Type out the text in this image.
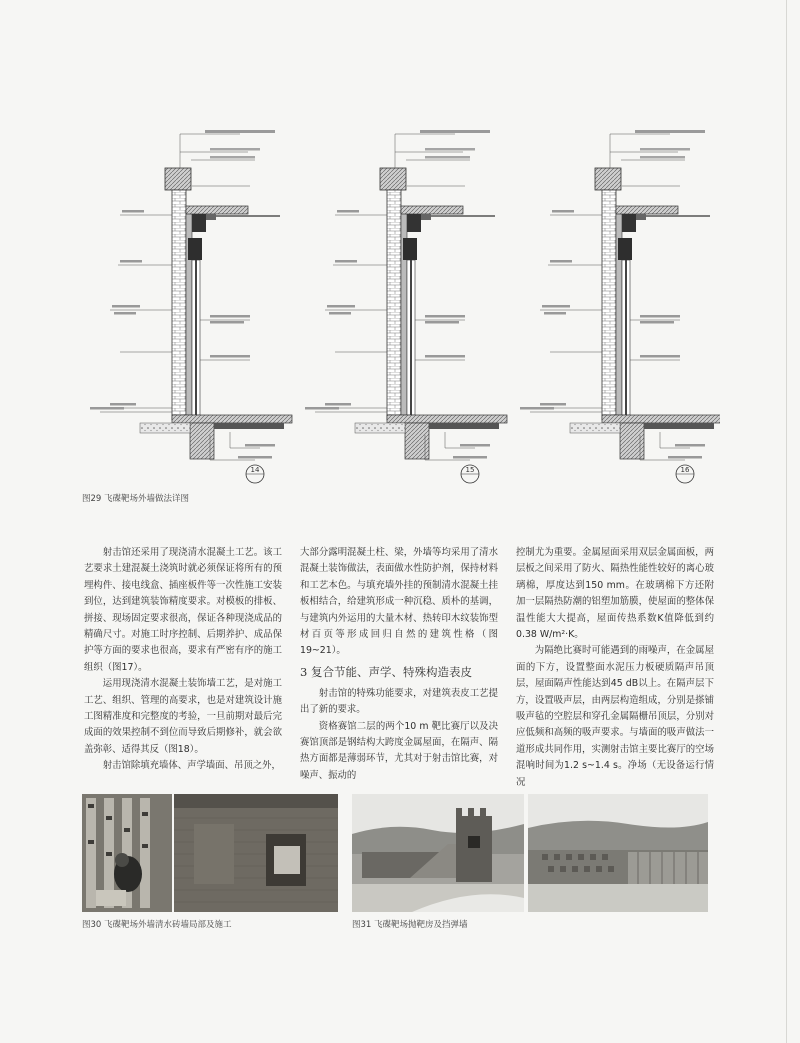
14	15	16
图29 飞碟靶场外墙做法详图

射击馆还采用了现浇清水混凝土工艺。该工艺要求土建混凝土浇筑时就必须保证将所有的预埋构件、接电线盒、插座板件等一次性施工安装到位，达到建筑装饰精度要求。对模板的排板、拼接、现场固定要求很高，保证各种现浇成品的精确尺寸。对施工时序控制、后期养护、成品保护等方面的要求也很高，要求有严密有序的施工组织（图17）。

运用现浇清水混凝土装饰墙工艺，是对施工工艺、组织、管理的高要求，也是对建筑设计施工图精准度和完整度的考验，一旦前期对最后完成面的效果控制不到位而导致后期修补，就会欲盖弥彰、适得其反（图18）。

射击馆除填充墙体、声学墙面、吊顶之外，

大部分露明混凝土柱、梁，外墙等均采用了清水混凝土装饰做法，表面做水性防护剂，保持材料和工艺本色。与填充墙外挂的预制清水混凝土挂板相结合，给建筑形成一种沉稳、质朴的基调，与建筑内外运用的大量木材、热转印木纹装饰型材百页等形成回归自然的建筑性格（图19~21）。

3 复合节能、声学、特殊构造表皮

射击馆的特殊功能要求，对建筑表皮工艺提出了新的要求。

资格赛馆二层的两个10 m 靶比赛厅以及决赛馆顶部是钢结构大跨度金属屋面，在隔声、隔热方面都是薄弱环节，尤其对于射击馆比赛，对噪声、振动的

控制尤为重要。金属屋面采用双层金属面板，两层板之间采用了防火、隔热性能性较好的离心玻璃棉，厚度达到150 mm。在玻璃棉下方还附加一层隔热防潮的铝塑加筋膜，使屋面的整体保温性能大大提高，屋面传热系数K值降低到约0.38 W/m²·K。

为隔绝比赛时可能遇到的雨噪声，在金属屋面的下方，设置整面水泥压力板硬质隔声吊顶层，屋面隔声性能达到45 dB以上。在隔声层下方，设置吸声层，由两层构造组成，分别是搽铺吸声毡的空腔层和穿孔金属隔栅吊顶层，分别对应低频和高频的吸声要求。与墙面的吸声做法一道形成共同作用，实测射击馆主要比赛厅的空场混响时间为1.2 s~1.4 s。净场（无设备运行情况

图30 飞碟靶场外墙清水砖墙局部及施工	图31 飞碟靶场抛靶房及挡弹墙
